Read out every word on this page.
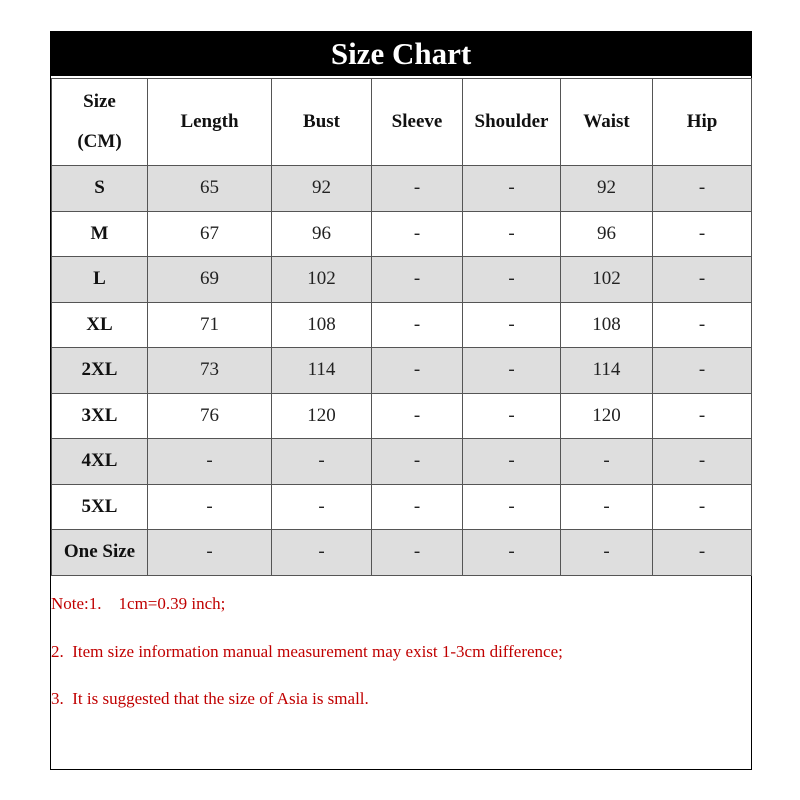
Size Chart
Size
(CM)	Length	Bust	Sleeve	Shoulder	Waist	Hip
S	65	92	-	-	92	-
M	67	96	-	-	96	-
L	69	102	-	-	102	-
XL	71	108	-	-	108	-
2XL	73	114	-	-	114	-
3XL	76	120	-	-	120	-
4XL	-	-	-	-	-	-
5XL	-	-	-	-	-	-
One Size	-	-	-	-	-	-
Note:1.    1cm=0.39 inch;
2.  Item size information manual measurement may exist 1-3cm difference;
3.  It is suggested that the size of Asia is small.
